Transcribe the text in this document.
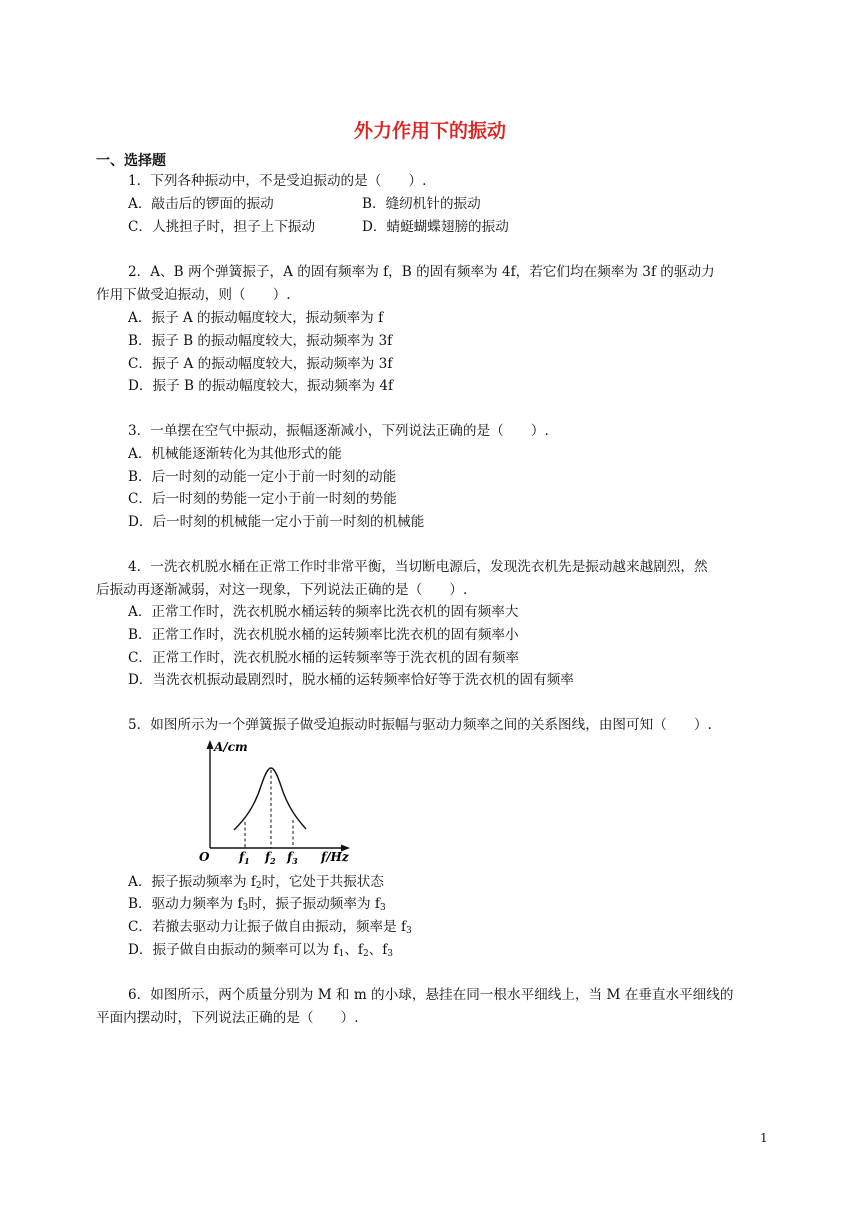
外力作用下的振动
一、选择题
1．下列各种振动中，不是受迫振动的是（　　）.
A．敲击后的锣面的振动	B．缝纫机针的振动
C．人挑担子时，担子上下振动	D．蜻蜓蝴蝶翅膀的振动
2．A、B 两个弹簧振子，A 的固有频率为 f，B 的固有频率为 4f，若它们均在频率为 3f 的驱动力
作用下做受迫振动，则（　　）.
A．振子 A 的振动幅度较大，振动频率为 f
B．振子 B 的振动幅度较大，振动频率为 3f
C．振子 A 的振动幅度较大，振动频率为 3f
D．振子 B 的振动幅度较大，振动频率为 4f
3．一单摆在空气中振动，振幅逐渐减小，下列说法正确的是（　　）.
A．机械能逐渐转化为其他形式的能
B．后一时刻的动能一定小于前一时刻的动能
C．后一时刻的势能一定小于前一时刻的势能
D．后一时刻的机械能一定小于前一时刻的机械能
4．一洗衣机脱水桶在正常工作时非常平衡，当切断电源后，发现洗衣机先是振动越来越剧烈，然
后振动再逐渐减弱，对这一现象，下列说法正确的是（　　）.
A．正常工作时，洗衣机脱水桶运转的频率比洗衣机的固有频率大
B．正常工作时，洗衣机脱水桶的运转频率比洗衣机的固有频率小
C．正常工作时，洗衣机脱水桶的运转频率等于洗衣机的固有频率
D．当洗衣机振动最剧烈时，脱水桶的运转频率恰好等于洗衣机的固有频率
5．如图所示为一个弹簧振子做受迫振动时振幅与驱动力频率之间的关系图线，由图可知（　　）.
A/cm
f/Hz
O $f_1$ $f_2$ $f_3$
A．振子振动频率为 $f_2$时，它处于共振状态
B．驱动力频率为 $f_3$时，振子振动频率为 $f_3$
C．若撤去驱动力让振子做自由振动，频率是 $f_3$
D．振子做自由振动的频率可以为 $f_1$、$f_2$、$f_3$
6．如图所示，两个质量分别为 M 和 m 的小球，悬挂在同一根水平细线上，当 M 在垂直水平细线的
平面内摆动时，下列说法正确的是（　　）.
1
